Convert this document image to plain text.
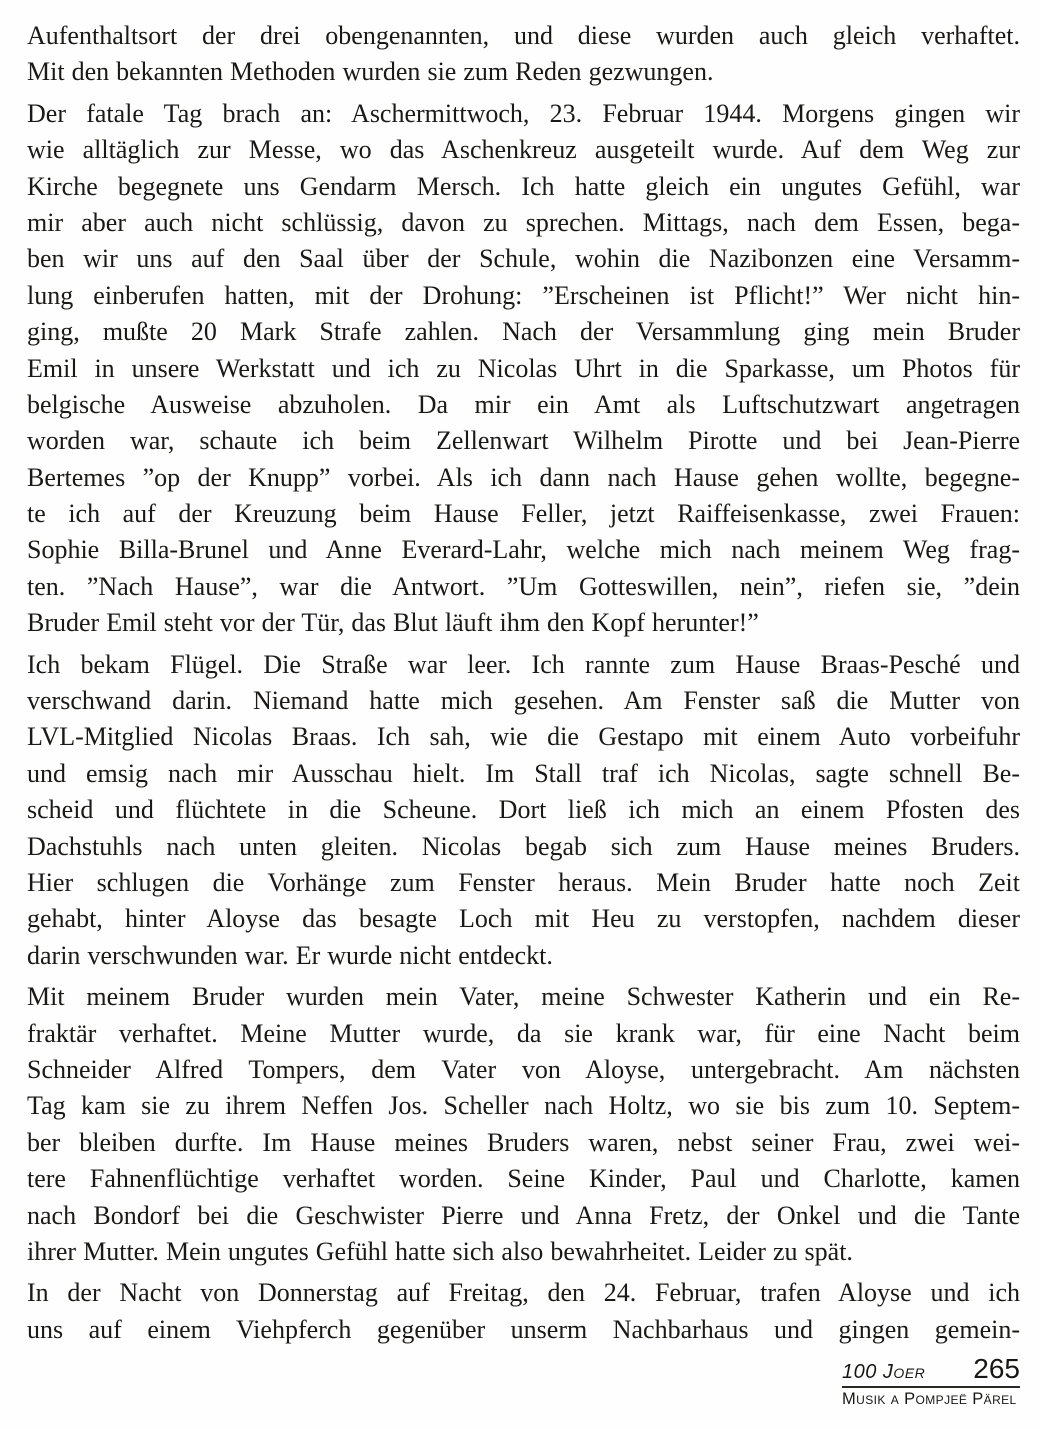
Aufenthaltsort der drei obengenannten, und diese wurden auch gleich verhaftet.
Mit den bekannten Methoden wurden sie zum Reden gezwungen.
Der fatale Tag brach an: Aschermittwoch, 23. Februar 1944. Morgens gingen wir
wie alltäglich zur Messe, wo das Aschenkreuz ausgeteilt wurde. Auf dem Weg zur
Kirche begegnete uns Gendarm Mersch. Ich hatte gleich ein ungutes Gefühl, war
mir aber auch nicht schlüssig, davon zu sprechen. Mittags, nach dem Essen, bega-
ben wir uns auf den Saal über der Schule, wohin die Nazibonzen eine Versamm-
lung einberufen hatten, mit der Drohung: ”Erscheinen ist Pflicht!” Wer nicht hin-
ging, mußte 20 Mark Strafe zahlen. Nach der Versammlung ging mein Bruder
Emil in unsere Werkstatt und ich zu Nicolas Uhrt in die Sparkasse, um Photos für
belgische Ausweise abzuholen. Da mir ein Amt als Luftschutzwart angetragen
worden war, schaute ich beim Zellenwart Wilhelm Pirotte und bei Jean-Pierre
Bertemes ”op der Knupp” vorbei. Als ich dann nach Hause gehen wollte, begegne-
te ich auf der Kreuzung beim Hause Feller, jetzt Raiffeisenkasse, zwei Frauen:
Sophie Billa-Brunel und Anne Everard-Lahr, welche mich nach meinem Weg frag-
ten. ”Nach Hause”, war die Antwort. ”Um Gotteswillen, nein”, riefen sie, ”dein
Bruder Emil steht vor der Tür, das Blut läuft ihm den Kopf herunter!”
Ich bekam Flügel. Die Straße war leer. Ich rannte zum Hause Braas-Pesché und
verschwand darin. Niemand hatte mich gesehen. Am Fenster saß die Mutter von
LVL-Mitglied Nicolas Braas. Ich sah, wie die Gestapo mit einem Auto vorbeifuhr
und emsig nach mir Ausschau hielt. Im Stall traf ich Nicolas, sagte schnell Be-
scheid und flüchtete in die Scheune. Dort ließ ich mich an einem Pfosten des
Dachstuhls nach unten gleiten. Nicolas begab sich zum Hause meines Bruders.
Hier schlugen die Vorhänge zum Fenster heraus. Mein Bruder hatte noch Zeit
gehabt, hinter Aloyse das besagte Loch mit Heu zu verstopfen, nachdem dieser
darin verschwunden war. Er wurde nicht entdeckt.
Mit meinem Bruder wurden mein Vater, meine Schwester Katherin und ein Re-
fraktär verhaftet. Meine Mutter wurde, da sie krank war, für eine Nacht beim
Schneider Alfred Tompers, dem Vater von Aloyse, untergebracht. Am nächsten
Tag kam sie zu ihrem Neffen Jos. Scheller nach Holtz, wo sie bis zum 10. Septem-
ber bleiben durfte. Im Hause meines Bruders waren, nebst seiner Frau, zwei wei-
tere Fahnenflüchtige verhaftet worden. Seine Kinder, Paul und Charlotte, kamen
nach Bondorf bei die Geschwister Pierre und Anna Fretz, der Onkel und die Tante
ihrer Mutter. Mein ungutes Gefühl hatte sich also bewahrheitet. Leider zu spät.
In der Nacht von Donnerstag auf Freitag, den 24. Februar, trafen Aloyse und ich
uns auf einem Viehpferch gegenüber unserm Nachbarhaus und gingen gemein-
100 Joer 265
Musik a Pompjeë Pärel
